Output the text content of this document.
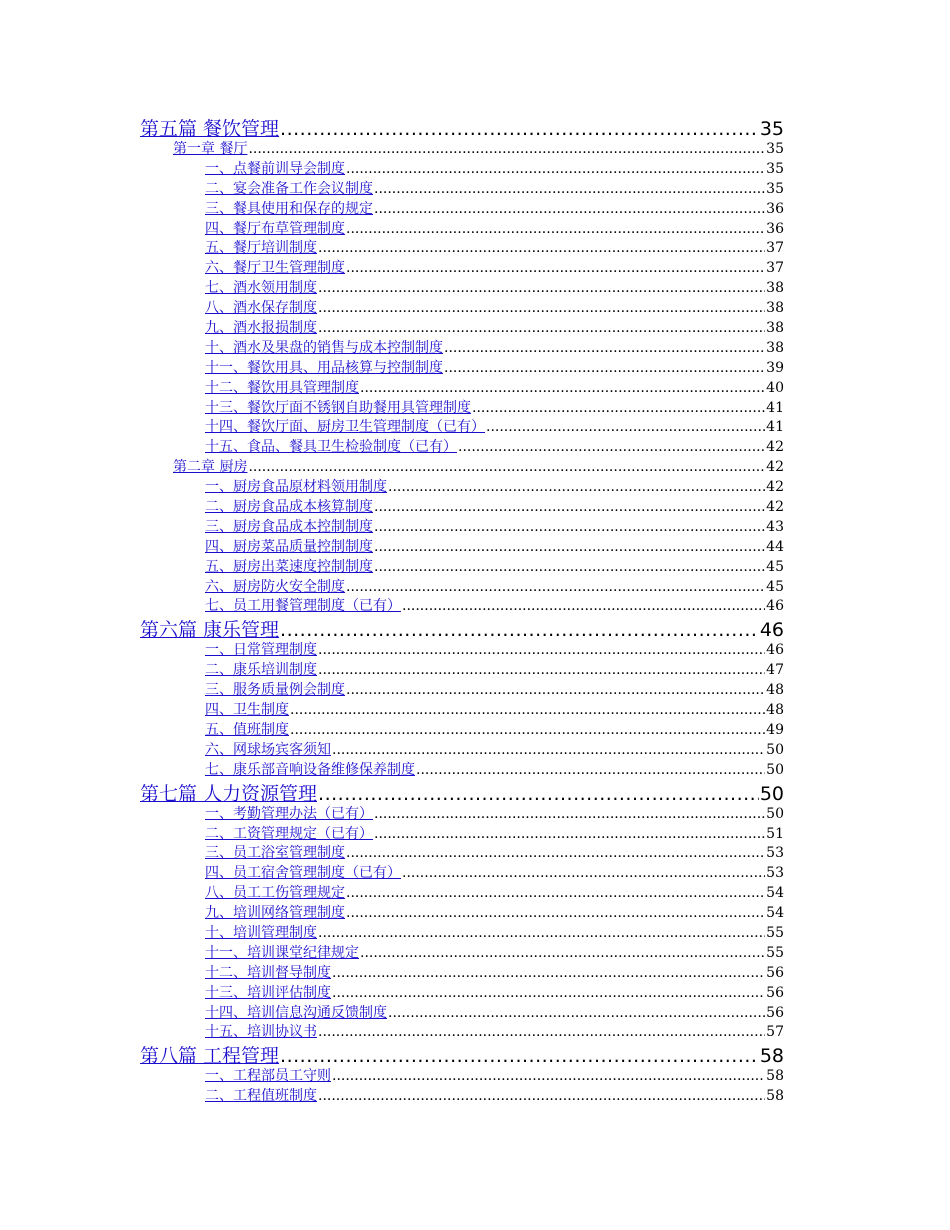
第五篇 餐饮管理 .....	35
第一章 餐厅 .....	35
一、点餐前训导会制度 .....	35
二、宴会准备工作会议制度 .....	35
三、餐具使用和保存的规定 .....	36
四、餐厅布草管理制度 .....	36
五、餐厅培训制度 .....	37
六、餐厅卫生管理制度 .....	37
七、酒水领用制度 .....	38
八、酒水保存制度 .....	38
九、酒水报损制度 .....	38
十、酒水及果盘的销售与成本控制制度 .....	38
十一、餐饮用具、用品核算与控制制度 .....	39
十二、餐饮用具管理制度 .....	40
十三、餐饮厅面不锈钢自助餐用具管理制度 .....	41
十四、餐饮厅面、厨房卫生管理制度（已有） .....	41
十五、食品、餐具卫生检验制度（已有） .....	42
第二章 厨房 .....	42
一、厨房食品原材料领用制度 .....	42
二、厨房食品成本核算制度 .....	42
三、厨房食品成本控制制度 .....	43
四、厨房菜品质量控制制度 .....	44
五、厨房出菜速度控制制度 .....	45
六、厨房防火安全制度 .....	45
七、员工用餐管理制度（已有） .....	46
第六篇 康乐管理 .....	46
一、日常管理制度 .....	46
二、康乐培训制度 .....	47
三、服务质量例会制度 .....	48
四、卫生制度 .....	48
五、值班制度 .....	49
六、网球场宾客须知 .....	50
七、康乐部音响设备维修保养制度 .....	50
第七篇 人力资源管理 .....	50
一、考勤管理办法（已有） .....	50
二、工资管理规定（已有） .....	51
三、员工浴室管理制度 .....	53
四、员工宿舍管理制度（已有） .....	53
八、员工工伤管理规定 .....	54
九、培训网络管理制度 .....	54
十、培训管理制度 .....	55
十一、培训课堂纪律规定 .....	55
十二、培训督导制度 .....	56
十三、培训评估制度 .....	56
十四、培训信息沟通反馈制度 .....	56
十五、培训协议书 .....	57
第八篇 工程管理 .....	58
一、工程部员工守则 .....	58
二、工程值班制度 .....	58
